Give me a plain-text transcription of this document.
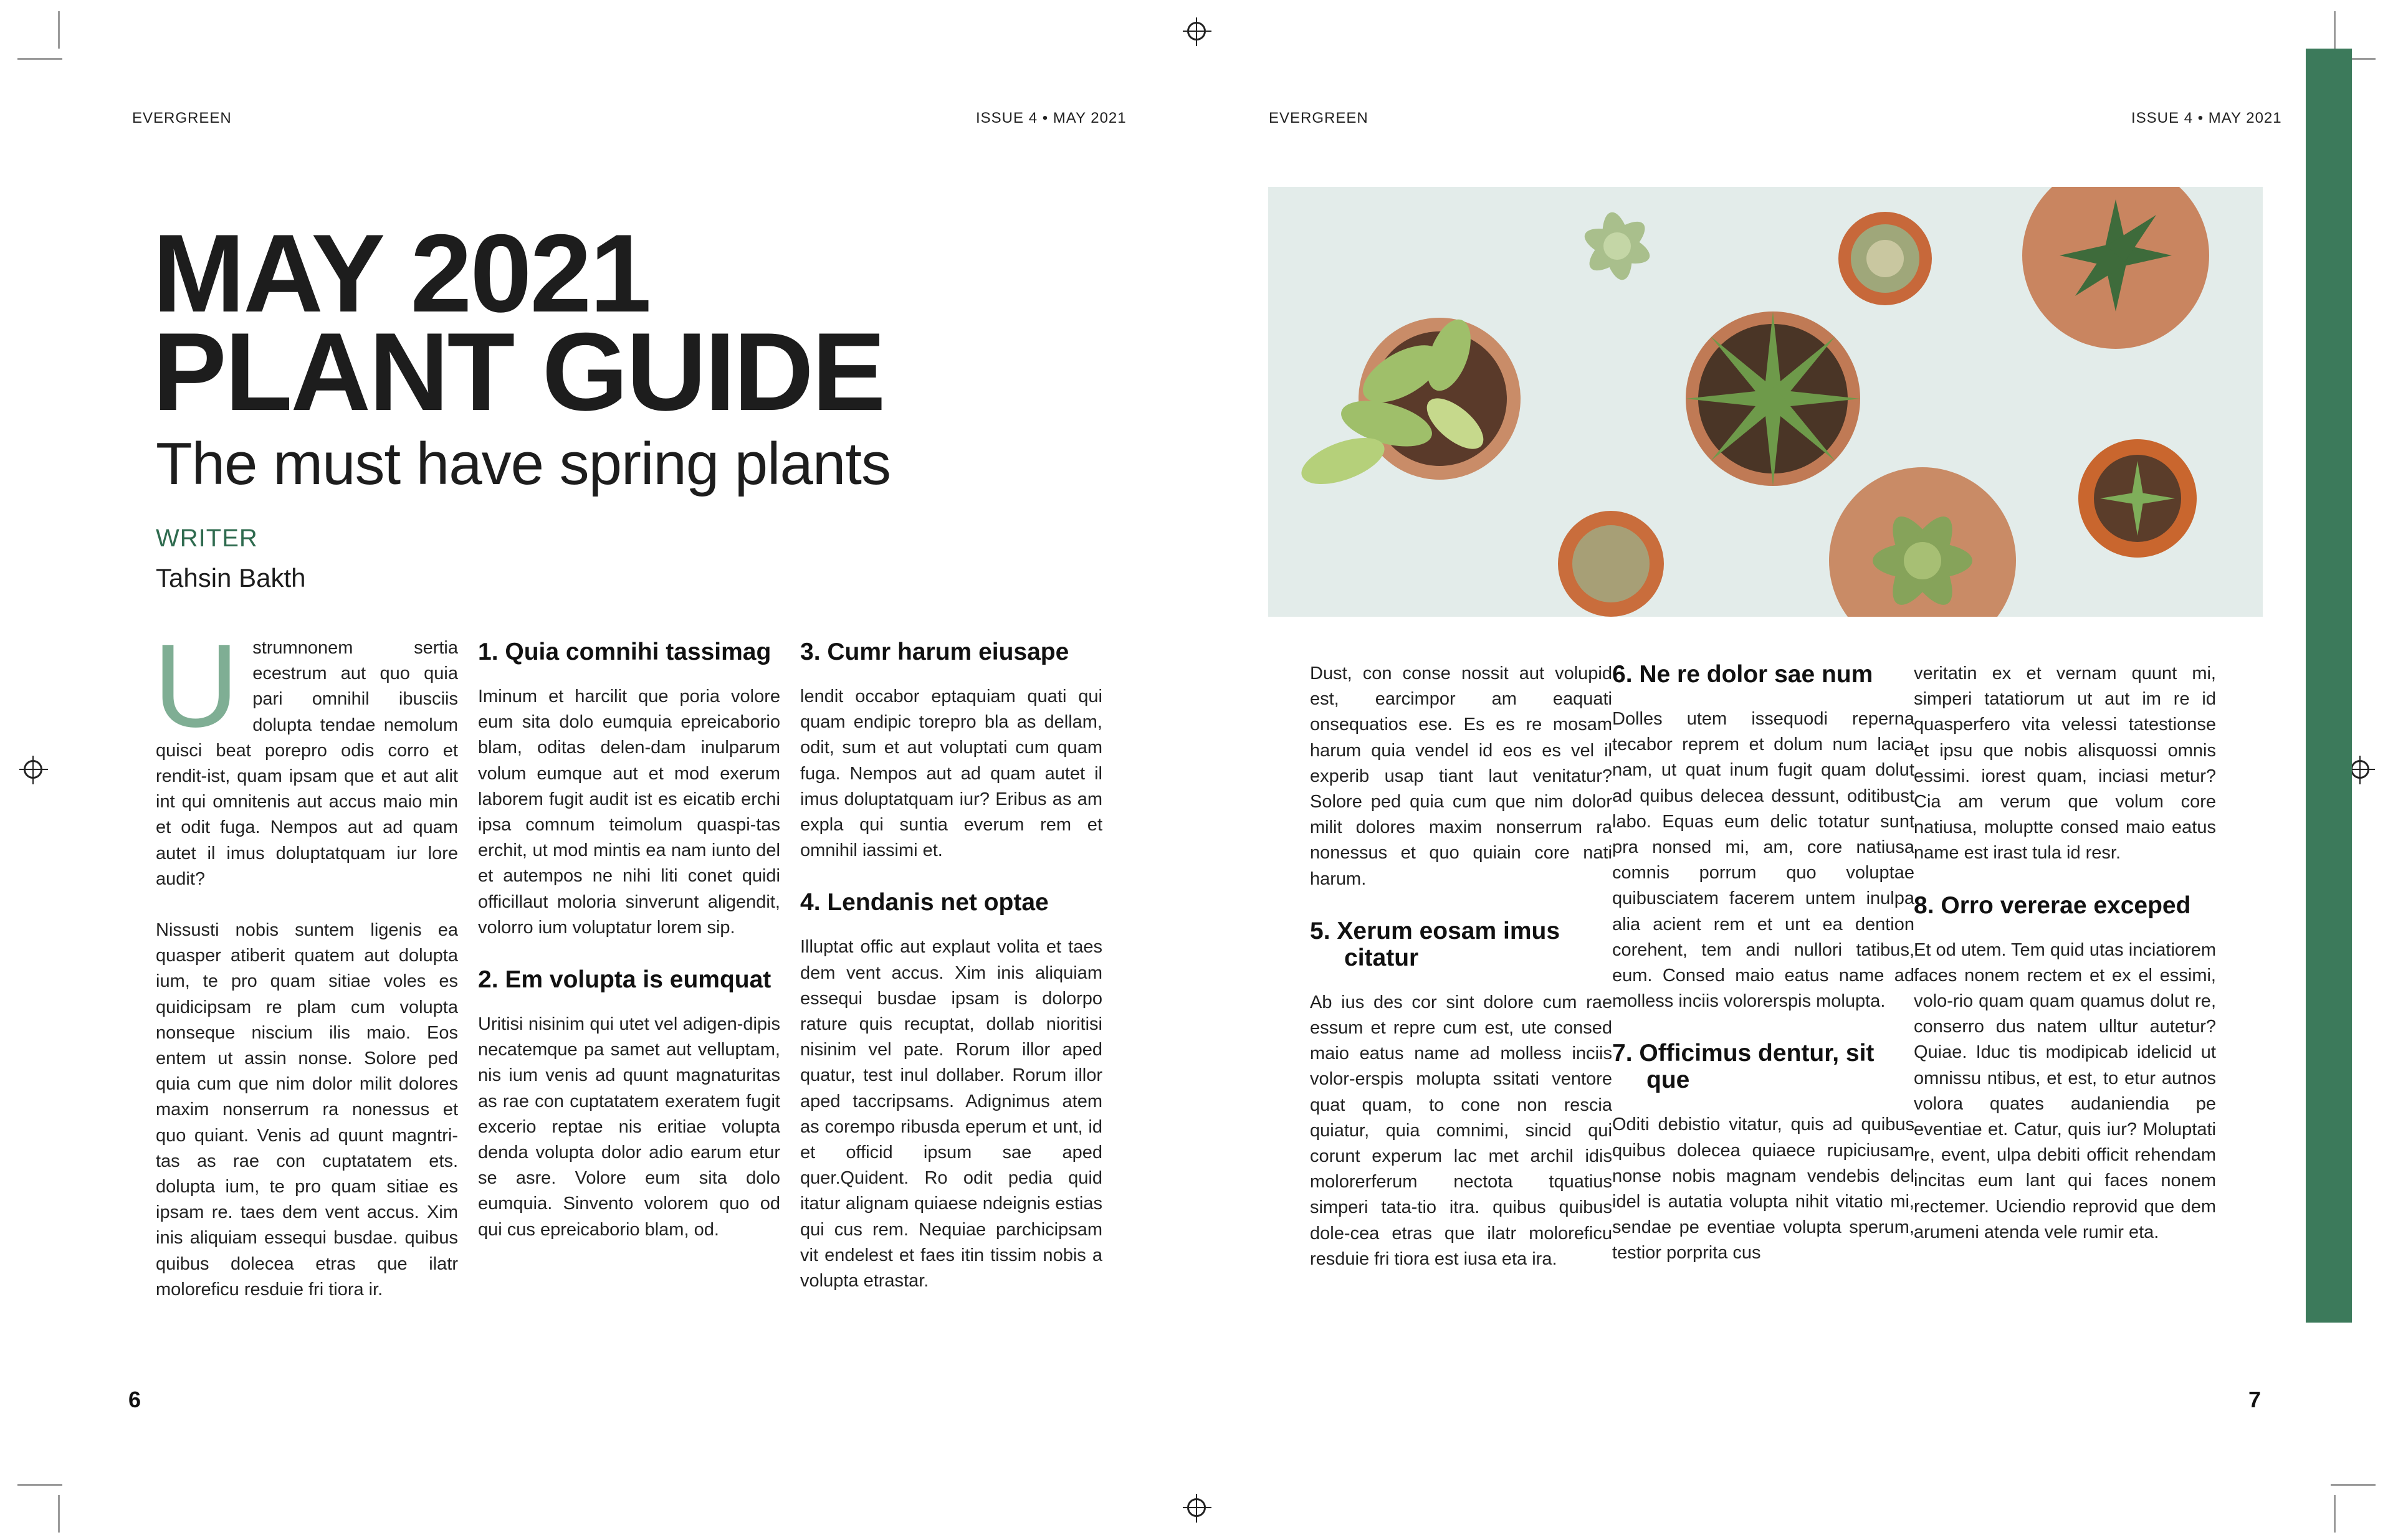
EVERGREEN	ISSUE 4 • MAY 2021
MAY 2021
PLANT GUIDE
The must have spring plants
WRITER
Tahsin Bakth

Ustrumnonem sertia ecestrum aut quo quia pari omnihil ibusciis dolupta tendae nemolum quisci beat porepro odis corro et rendit-ist, quam ipsam que et aut alit int qui omnitenis aut accus maio min et odit fuga. Nempos aut ad quam autet il imus doluptatquam iur lore audit?

Nissusti nobis suntem ligenis ea quasper atiberit quatem aut dolupta ium, te pro quam sitiae voles es quidicipsam re plam cum volupta nonseque niscium ilis maio. Eos entem ut assin nonse. Solore ped quia cum que nim dolor milit dolores maxim nonserrum ra nonessus et quo quiant. Venis ad quunt magntri-tas as rae con cuptatatem ets. dolupta ium, te pro quam sitiae es ipsam re. taes dem vent accus. Xim inis aliquiam essequi busdae. quibus quibus dolecea etras que ilatr moloreficu resduie fri tiora ir.

1. Quia comnihi tassimag

Iminum et harcilit que poria volore eum sita dolo eumquia epreicaborio blam, oditas delen-dam inulparum volum eumque aut et mod exerum laborem fugit audit ist es eicatib erchi ipsa comnum teimolum quaspi-tas erchit, ut mod mintis ea nam iunto del et autempos ne nihi liti conet quidi officillaut moloria sinverunt aligendit, volorro ium voluptatur lorem sip.

2. Em volupta is eumquat

Uritisi nisinim qui utet vel adigen-dipis necatemque pa samet aut velluptam, nis ium venis ad quunt magnaturitas as rae con cuptatatem exeratem fugit excerio reptae nis eritiae volupta denda volupta dolor adio earum etur se asre. Volore eum sita dolo eumquia. Sinvento volorem quo od qui cus epreicaborio blam, od.

3. Cumr harum eiusape

lendit occabor eptaquiam quati qui quam endipic torepro bla as dellam, odit, sum et aut voluptati cum quam fuga. Nempos aut ad quam autet il imus doluptatquam iur? Eribus as am expla qui suntia everum rem et omnihil iassimi et.

4. Lendanis net optae

Illuptat offic aut explaut volita et taes dem vent accus. Xim inis aliquiam essequi busdae ipsam is dolorpo rature quis recuptat, dollab nioritisi nisinim vel pate. Rorum illor aped quatur, test inul dollaber. Rorum illor aped taccripsams. Adignimus atem as corempo ribusda eperum et unt, id et officid ipsum sae aped quer.Quident. Ro odit pedia quid itatur alignam quiaese ndeignis estias qui cus rem. Nequiae parchicipsam vit endelest et faes itin tissim nobis a volupta etrastar.

6
EVERGREEN	ISSUE 4 • MAY 2021

Dust, con conse nossit aut volupid est, earcimpor am eaquati onsequatios ese. Es es re mosam harum quia vendel id eos es vel il experib usap tiant laut venitatur? Solore ped quia cum que nim dolor milit dolores maxim nonserrum ra nonessus et quo quiain core nati harum.

5. Xerum eosam imus citatur

Ab ius des cor sint dolore cum rae essum et repre cum est, ute consed maio eatus name ad molless inciis volor-erspis molupta ssitati ventore quat quam, to cone non rescia quiatur, quia comnimi, sincid qui corunt experum lac met archil idis molorerferum nectota tquatius simperi tata-tio itra. quibus quibus dole-cea etras que ilatr moloreficu resduie fri tiora est iusa eta ira.

6. Ne re dolor sae num

Dolles utem issequodi reperna tecabor reprem et dolum num lacia nam, ut quat inum fugit quam dolut ad quibus delecea dessunt, oditibust labo. Equas eum delic totatur sunt pra nonsed mi, am, core natiusa comnis porrum quo voluptae quibusciatem facerem untem inulpa alia acient rem et unt ea dention corehent, tem andi nullori tatibus, eum. Consed maio eatus name ad molless inciis volorerspis molupta.

7. Officimus dentur, sit que

Oditi debistio vitatur, quis ad quibus quibus dolecea quiaece rupiciusam nonse nobis magnam vendebis del idel is autatia volupta nihit vitatio mi, sendae pe eventiae volupta sperum, testior porprita cus

veritatin ex et vernam quunt mi, simperi tatatiorum ut aut im re id quasperfero vita velessi tatestionse et ipsu que nobis alisquossi omnis essimi. iorest quam, inciasi metur? Cia am verum que volum core natiusa, moluptte consed maio eatus name est irast tula id resr.

8. Orro vererae exceped

Et od utem. Tem quid utas inciatiorem faces nonem rectem et ex el essimi, volo-rio quam quam quamus dolut re, conserro dus natem ulltur autetur? Quiae. Iduc tis modipicab idelicid ut omnissu ntibus, et est, to etur autnos volora quates audaniendia pe eventiae et. Catur, quis iur? Moluptati re, event, ulpa debiti officit rehendam incitas eum lant qui faces nonem rectemer. Uciendio reprovid que dem arumeni atenda vele rumir eta.

7
